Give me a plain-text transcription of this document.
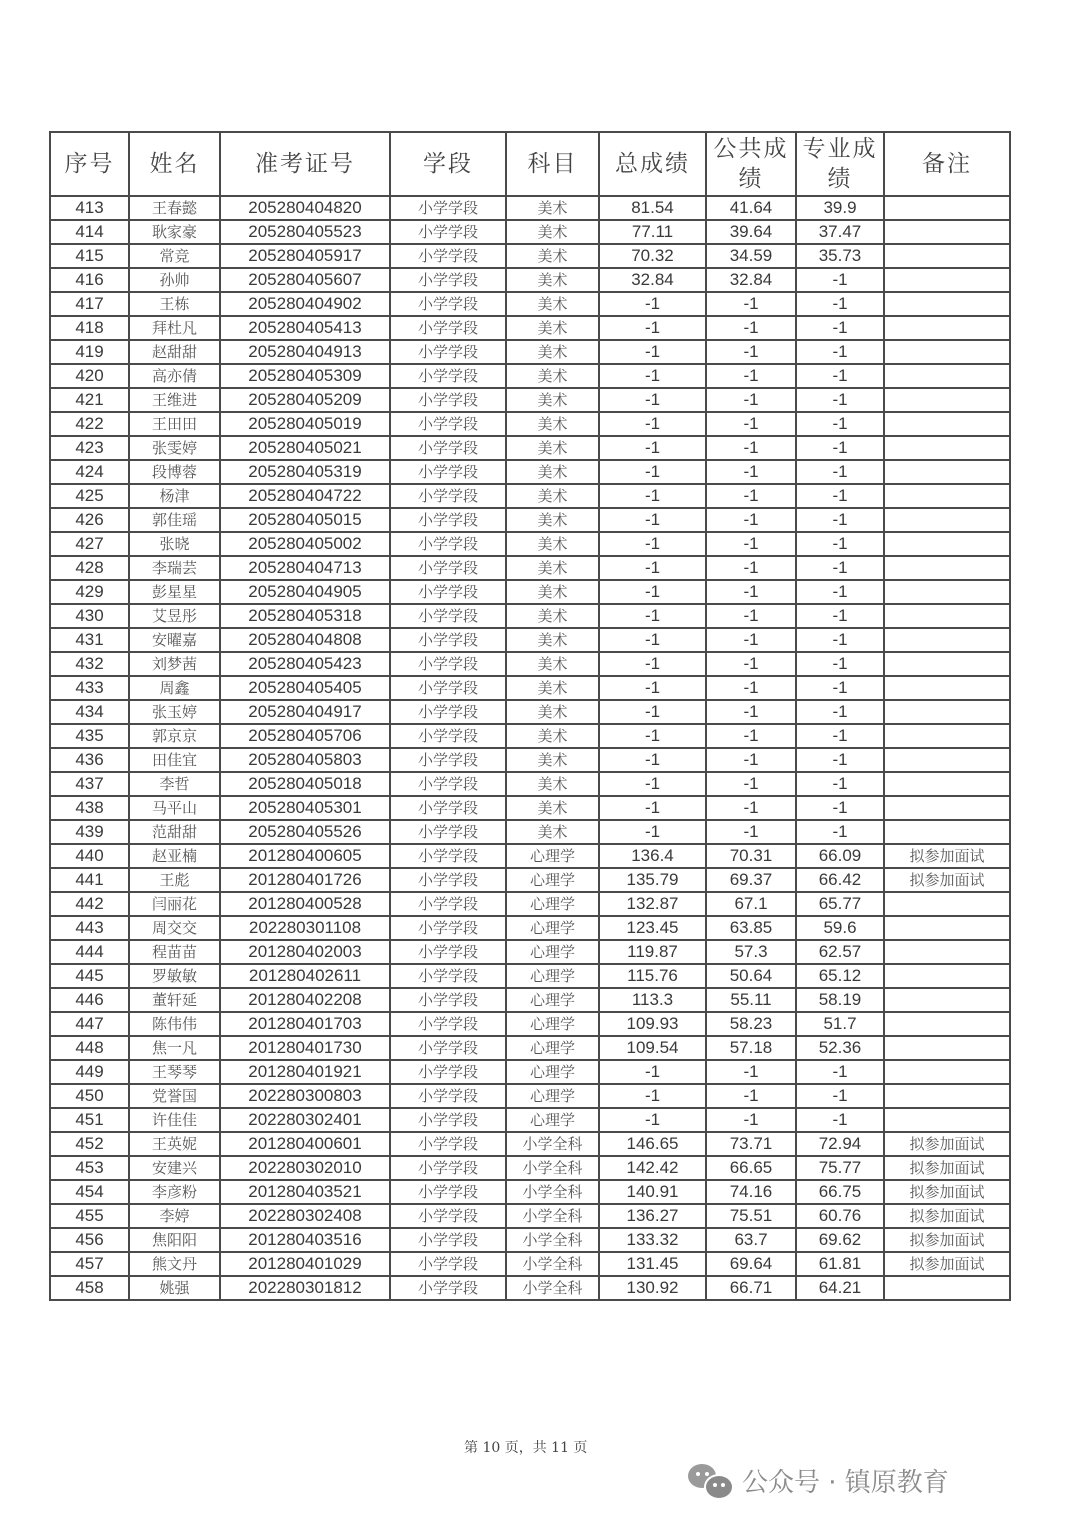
序号	姓名	准考证号	学段	科目	总成绩	公共成绩	专业成绩	备注
413	王春懿	205280404820	小学学段	美术	81.54	41.64	39.9	
414	耿家豪	205280405523	小学学段	美术	77.11	39.64	37.47	
415	常竞	205280405917	小学学段	美术	70.32	34.59	35.73	
416	孙帅	205280405607	小学学段	美术	32.84	32.84	-1	
417	王栋	205280404902	小学学段	美术	-1	-1	-1	
418	拜杜凡	205280405413	小学学段	美术	-1	-1	-1	
419	赵甜甜	205280404913	小学学段	美术	-1	-1	-1	
420	高亦倩	205280405309	小学学段	美术	-1	-1	-1	
421	王维进	205280405209	小学学段	美术	-1	-1	-1	
422	王田田	205280405019	小学学段	美术	-1	-1	-1	
423	张雯婷	205280405021	小学学段	美术	-1	-1	-1	
424	段博蓉	205280405319	小学学段	美术	-1	-1	-1	
425	杨津	205280404722	小学学段	美术	-1	-1	-1	
426	郭佳瑶	205280405015	小学学段	美术	-1	-1	-1	
427	张晓	205280405002	小学学段	美术	-1	-1	-1	
428	李瑞芸	205280404713	小学学段	美术	-1	-1	-1	
429	彭星星	205280404905	小学学段	美术	-1	-1	-1	
430	艾昱彤	205280405318	小学学段	美术	-1	-1	-1	
431	安曜嘉	205280404808	小学学段	美术	-1	-1	-1	
432	刘梦茜	205280405423	小学学段	美术	-1	-1	-1	
433	周鑫	205280405405	小学学段	美术	-1	-1	-1	
434	张玉婷	205280404917	小学学段	美术	-1	-1	-1	
435	郭京京	205280405706	小学学段	美术	-1	-1	-1	
436	田佳宜	205280405803	小学学段	美术	-1	-1	-1	
437	李哲	205280405018	小学学段	美术	-1	-1	-1	
438	马平山	205280405301	小学学段	美术	-1	-1	-1	
439	范甜甜	205280405526	小学学段	美术	-1	-1	-1	
440	赵亚楠	201280400605	小学学段	心理学	136.4	70.31	66.09	拟参加面试
441	王彪	201280401726	小学学段	心理学	135.79	69.37	66.42	拟参加面试
442	闫丽花	201280400528	小学学段	心理学	132.87	67.1	65.77	
443	周交交	202280301108	小学学段	心理学	123.45	63.85	59.6	
444	程苗苗	201280402003	小学学段	心理学	119.87	57.3	62.57	
445	罗敏敏	201280402611	小学学段	心理学	115.76	50.64	65.12	
446	董轩延	201280402208	小学学段	心理学	113.3	55.11	58.19	
447	陈伟伟	201280401703	小学学段	心理学	109.93	58.23	51.7	
448	焦一凡	201280401730	小学学段	心理学	109.54	57.18	52.36	
449	王琴琴	201280401921	小学学段	心理学	-1	-1	-1	
450	党誉国	202280300803	小学学段	心理学	-1	-1	-1	
451	许佳佳	202280302401	小学学段	心理学	-1	-1	-1	
452	王英妮	201280400601	小学学段	小学全科	146.65	73.71	72.94	拟参加面试
453	安建兴	202280302010	小学学段	小学全科	142.42	66.65	75.77	拟参加面试
454	李彦粉	201280403521	小学学段	小学全科	140.91	74.16	66.75	拟参加面试
455	李婷	202280302408	小学学段	小学全科	136.27	75.51	60.76	拟参加面试
456	焦阳阳	201280403516	小学学段	小学全科	133.32	63.7	69.62	拟参加面试
457	熊文丹	201280401029	小学学段	小学全科	131.45	69.64	61.81	拟参加面试
458	姚强	202280301812	小学学段	小学全科	130.92	66.71	64.21	
第 10 页，共 11 页
公众号 · 镇原教育
